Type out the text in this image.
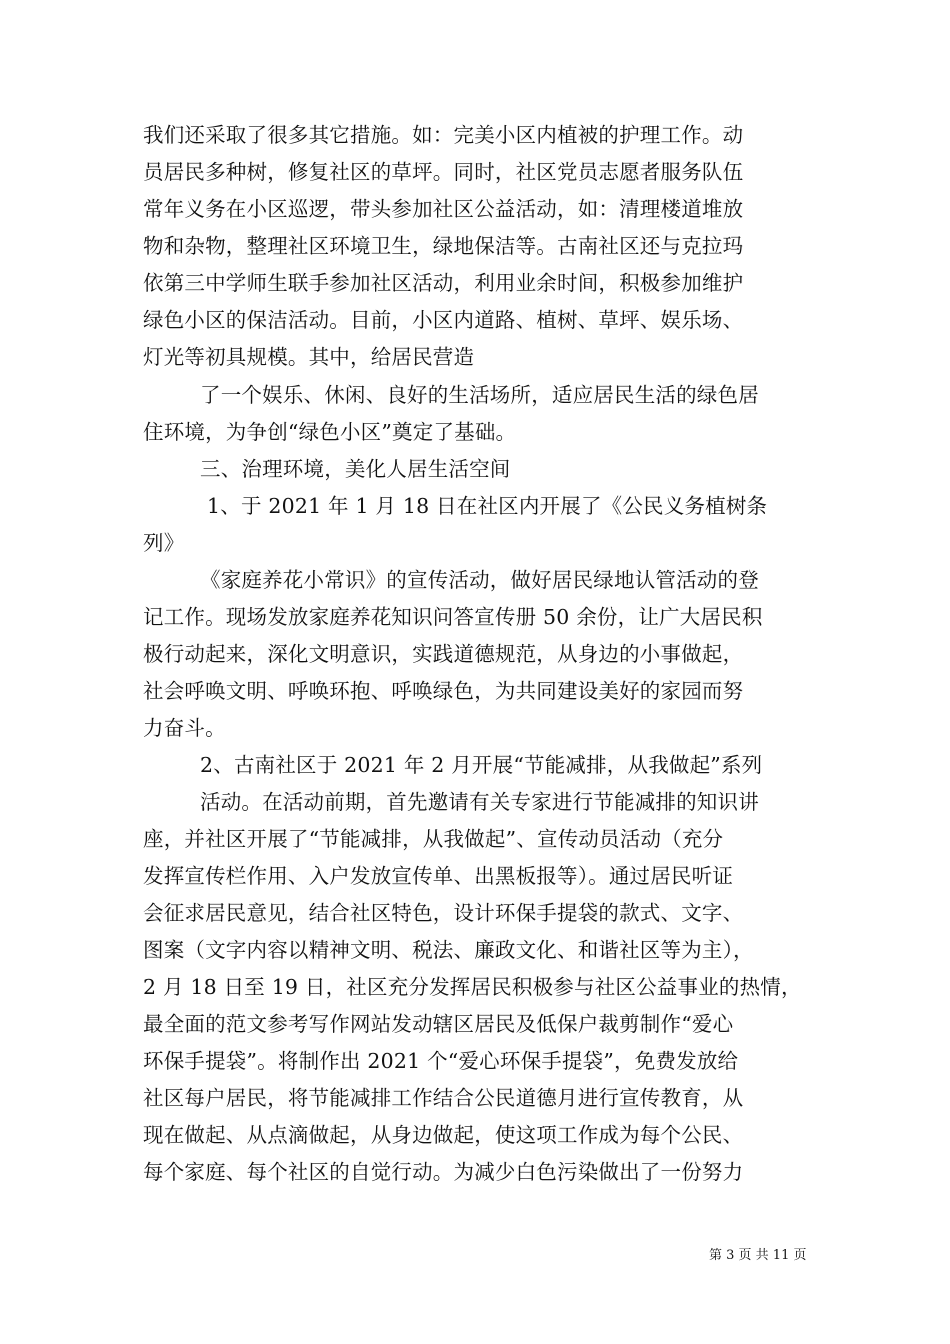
我们还采取了很多其它措施。如：完美小区内植被的护理工作。动
员居民多种树，修复社区的草坪。同时，社区党员志愿者服务队伍
常年义务在小区巡逻，带头参加社区公益活动，如：清理楼道堆放
物和杂物，整理社区环境卫生，绿地保洁等。古南社区还与克拉玛
依第三中学师生联手参加社区活动，利用业余时间，积极参加维护
绿色小区的保洁活动。目前，小区内道路、植树、草坪、娱乐场、
灯光等初具规模。其中，给居民营造
了一个娱乐、休闲、良好的生活场所，适应居民生活的绿色居
住环境，为争创“绿色小区”奠定了基础。
三、治理环境，美化人居生活空间
1、于 2021 年 1 月 18 日在社区内开展了《公民义务植树条
列》
《家庭养花小常识》的宣传活动，做好居民绿地认管活动的登
记工作。现场发放家庭养花知识问答宣传册 50 余份，让广大居民积
极行动起来，深化文明意识，实践道德规范，从身边的小事做起，
社会呼唤文明、呼唤环抱、呼唤绿色，为共同建设美好的家园而努
力奋斗。
2、古南社区于 2021 年 2 月开展“节能减排，从我做起”系列
活动。在活动前期，首先邀请有关专家进行节能减排的知识讲
座，并社区开展了“节能减排，从我做起”、宣传动员活动（充分
发挥宣传栏作用、入户发放宣传单、出黑板报等）。通过居民听证
会征求居民意见，结合社区特色，设计环保手提袋的款式、文字、
图案（文字内容以精神文明、税法、廉政文化、和谐社区等为主），
2 月 18 日至 19 日，社区充分发挥居民积极参与社区公益事业的热情，
最全面的范文参考写作网站发动辖区居民及低保户裁剪制作“爱心
环保手提袋”。将制作出 2021 个“爱心环保手提袋”，免费发放给
社区每户居民，将节能减排工作结合公民道德月进行宣传教育，从
现在做起、从点滴做起，从身边做起，使这项工作成为每个公民、
每个家庭、每个社区的自觉行动。为减少白色污染做出了一份努力
第 3 页 共 11 页
